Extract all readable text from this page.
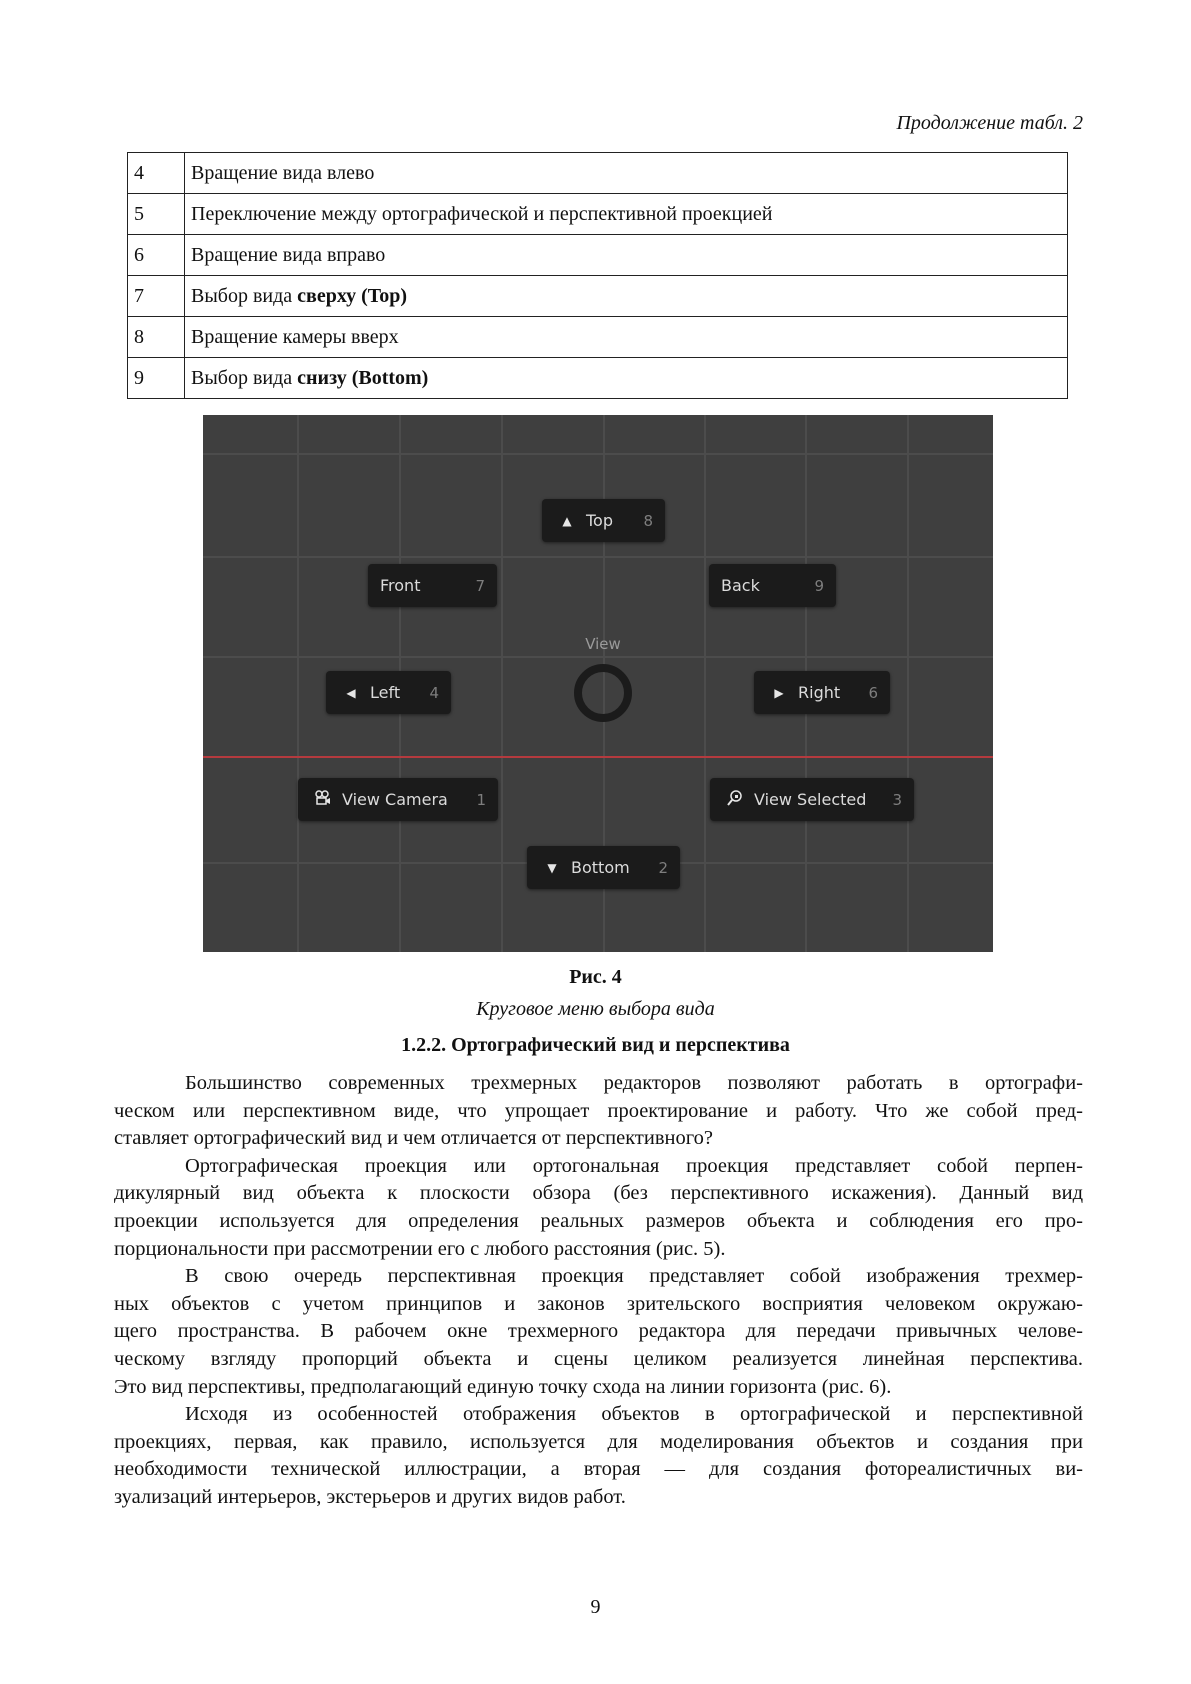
Продолжение табл. 2
4	Вращение вида влево
5	Переключение между ортографической и перспективной проекцией
6	Вращение вида вправо
7	Выбор вида сверху (Top)
8	Вращение камеры вверх
9	Выбор вида снизу (Bottom)
View
▲ Top	8
Front	7	Back	9
◀ Left	4	▶ Right	6
View Camera	1	View Selected	3
▼ Bottom	2
Рис. 4
Круговое меню выбора вида
1.2.2. Ортографический вид и перспектива
Большинство современных трехмерных редакторов позволяют работать в ортографи-
ческом или перспективном виде, что упрощает проектирование и работу. Что же собой пред-
ставляет ортографический вид и чем отличается от перспективного?
Ортографическая проекция или ортогональная проекция представляет собой перпен-
дикулярный вид объекта к плоскости обзора (без перспективного искажения). Данный вид
проекции используется для определения реальных размеров объекта и соблюдения его про-
порциональности при рассмотрении его с любого расстояния (рис. 5).
В свою очередь перспективная проекция представляет собой изображения трехмер-
ных объектов с учетом принципов и законов зрительского восприятия человеком окружаю-
щего пространства. В рабочем окне трехмерного редактора для передачи привычных челове-
ческому взгляду пропорций объекта и сцены целиком реализуется линейная перспектива.
Это вид перспективы, предполагающий единую точку схода на линии горизонта (рис. 6).
Исходя из особенностей отображения объектов в ортографической и перспективной
проекциях, первая, как правило, используется для моделирования объектов и создания при
необходимости технической иллюстрации, а вторая — для создания фотореалистичных ви-
зуализаций интерьеров, экстерьеров и других видов работ.
9
